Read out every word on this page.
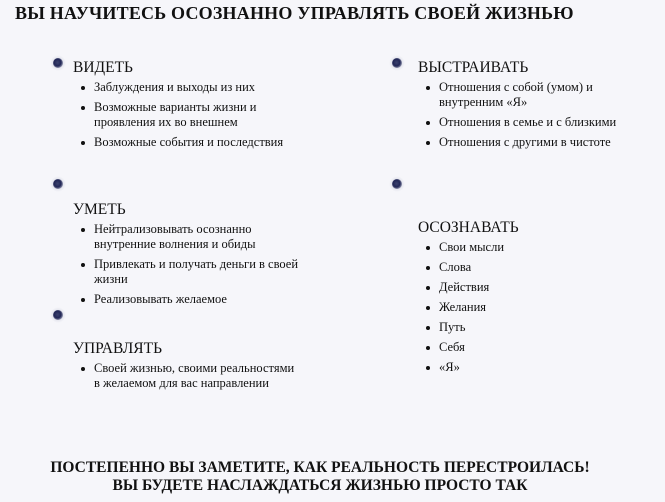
ВЫ НАУЧИТЕСЬ ОСОЗНАННО УПРАВЛЯТЬ СВОЕЙ ЖИЗНЬЮ
ВИДЕТЬ
Заблуждения и выходы из них
Возможные варианты жизни и проявления их во внешнем
Возможные события и последствия
УМЕТЬ
Нейтрализовывать осознанно внутренние волнения и обиды
Привлекать и получать деньги в своей жизни
Реализовывать желаемое
УПРАВЛЯТЬ
Своей жизнью, своими реальностями в желаемом для вас направлении
ВЫСТРАИВАТЬ
Отношения с собой (умом) и внутренним «Я»
Отношения в семье и с близкими
Отношения с другими в чистоте
ОСОЗНАВАТЬ
Свои мысли
Слова
Действия
Желания
Путь
Себя
«Я»
ПОСТЕПЕННО ВЫ ЗАМЕТИТЕ, КАК РЕАЛЬНОСТЬ ПЕРЕСТРОИЛАСЬ!
ВЫ БУДЕТЕ НАСЛАЖДАТЬСЯ ЖИЗНЬЮ ПРОСТО ТАК
